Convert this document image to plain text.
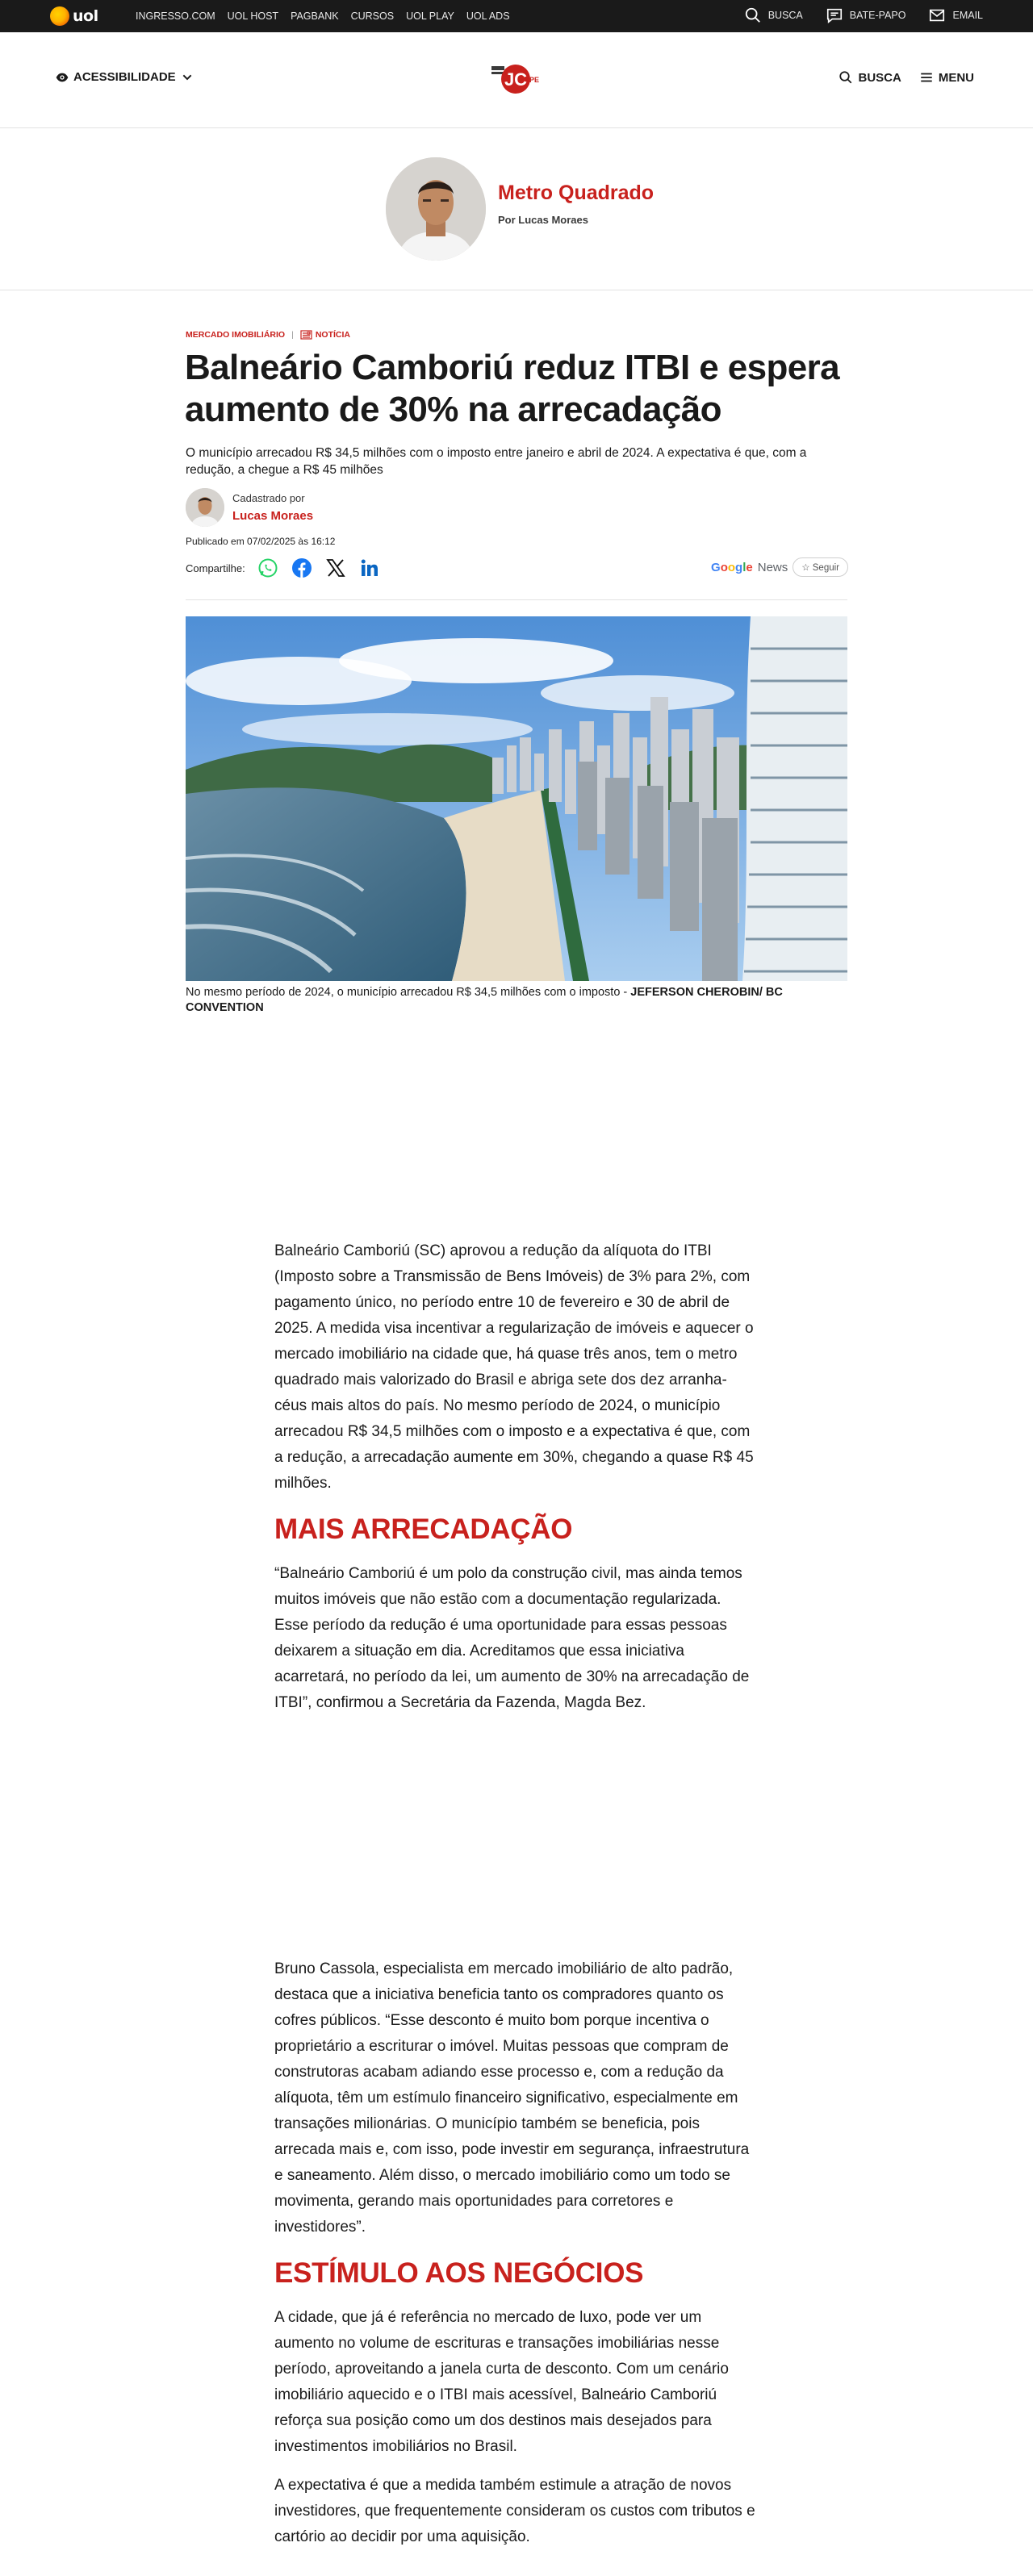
uol	INGRESSO.COM UOL HOST PAGBANK CURSOS UOL PLAY UOL ADS	BUSCA	BATE-PAPO	EMAIL
ACESSIBILIDADE	JC PE	BUSCA	MENU
Metro Quadrado
Por Lucas Moraes
MERCADO IMOBILIÁRIO |	NOTÍCIA
Balneário Camboriú reduz ITBI e espera aumento de 30% na arrecadação

O município arrecadou R$ 34,5 milhões com o imposto entre janeiro e abril de 2024. A expectativa é que, com a redução, a chegue a R$ 45 milhões

Cadastrado por
Lucas Moraes
Publicado em 07/02/2025 às 16:12
Compartilhe:	Google News	☆ Seguir
No mesmo período de 2024, o município arrecadou R$ 34,5 milhões com o imposto - JEFERSON CHEROBIN/ BC CONVENTION

Balneário Camboriú (SC) aprovou a redução da alíquota do ITBI (Imposto sobre a Transmissão de Bens Imóveis) de 3% para 2%, com pagamento único, no período entre 10 de fevereiro e 30 de abril de 2025. A medida visa incentivar a regularização de imóveis e aquecer o mercado imobiliário na cidade que, há quase três anos, tem o metro quadrado mais valorizado do Brasil e abriga sete dos dez arranha-céus mais altos do país. No mesmo período de 2024, o município arrecadou R$ 34,5 milhões com o imposto e a expectativa é que, com a redução, a arrecadação aumente em 30%, chegando a quase R$ 45 milhões.

MAIS ARRECADAÇÃO

“Balneário Camboriú é um polo da construção civil, mas ainda temos muitos imóveis que não estão com a documentação regularizada. Esse período da redução é uma oportunidade para essas pessoas deixarem a situação em dia. Acreditamos que essa iniciativa acarretará, no período da lei, um aumento de 30% na arrecadação de ITBI”, confirmou a Secretária da Fazenda, Magda Bez.

Bruno Cassola, especialista em mercado imobiliário de alto padrão, destaca que a iniciativa beneficia tanto os compradores quanto os cofres públicos. “Esse desconto é muito bom porque incentiva o proprietário a escriturar o imóvel. Muitas pessoas que compram de construtoras acabam adiando esse processo e, com a redução da alíquota, têm um estímulo financeiro significativo, especialmente em transações milionárias. O município também se beneficia, pois arrecada mais e, com isso, pode investir em segurança, infraestrutura e saneamento. Além disso, o mercado imobiliário como um todo se movimenta, gerando mais oportunidades para corretores e investidores”.

ESTÍMULO AOS NEGÓCIOS

A cidade, que já é referência no mercado de luxo, pode ver um aumento no volume de escrituras e transações imobiliárias nesse período, aproveitando a janela curta de desconto. Com um cenário imobiliário aquecido e o ITBI mais acessível, Balneário Camboriú reforça sua posição como um dos destinos mais desejados para investimentos imobiliários no Brasil.

A expectativa é que a medida também estimule a atração de novos investidores, que frequentemente consideram os custos com tributos e cartório ao decidir por uma aquisição.
